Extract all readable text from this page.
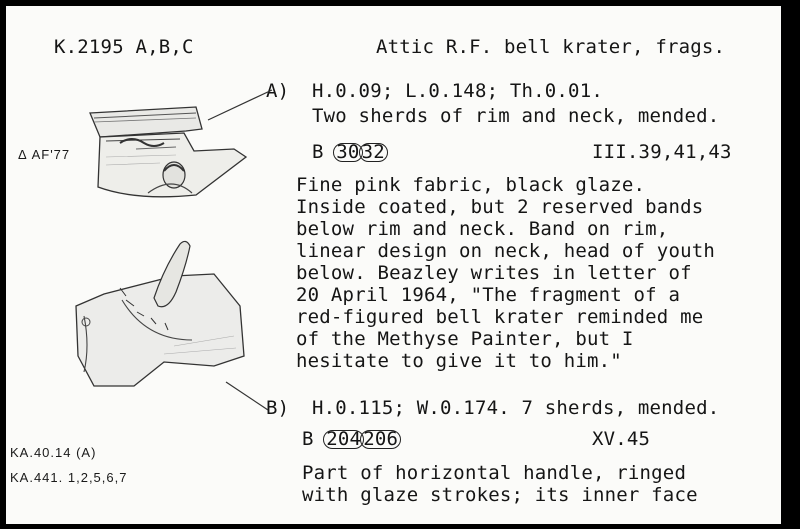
K.2195 A,B,C	Attic R.F. bell krater, frags.
A) H.0.09; L.0.148; Th.0.01.
Two sherds of rim and neck, mended.
B 30 32	III.39,41,43
Fine pink fabric, black glaze.
Inside coated, but 2 reserved bands
below rim and neck. Band on rim,
linear design on neck, head of youth
below. Beazley writes in letter of
20 April 1964, "The fragment of a
red-figured bell krater reminded me
of the Methyse Painter, but I
hesitate to give it to him."
B) H.0.115; W.0.174. 7 sherds, mended.
B 204 206	XV.45
Part of horizontal handle, ringed
with glaze strokes; its inner face
Δ AF'77
KA.40.14 (A)
KA.441. 1,2,5,6,7
